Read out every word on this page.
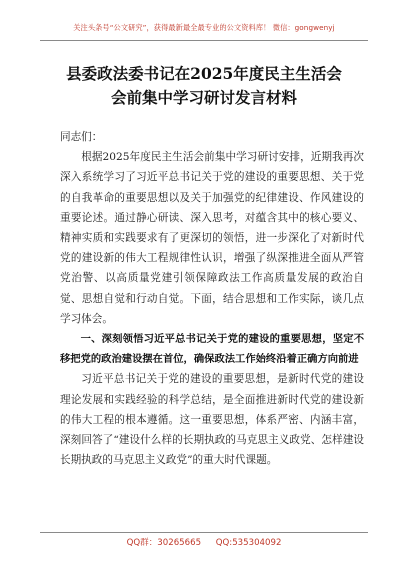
关注头条号“公文研究”，获得最新最全最专业的公文资料库！ 微信：gongwenyj
县委政法委书记在2025年度民主生活会
会前集中学习研讨发言材料

同志们：

根据2025年度民主生活会前集中学习研讨安排，近期我再次深入系统学习了习近平总书记关于党的建设的重要思想、关于党的自我革命的重要思想以及关于加强党的纪律建设、作风建设的重要论述。通过静心研读、深入思考，对蕴含其中的核心要义、精神实质和实践要求有了更深切的领悟，进一步深化了对新时代党的建设新的伟大工程规律性认识，增强了纵深推进全面从严管党治警、以高质量党建引领保障政法工作高质量发展的政治自觉、思想自觉和行动自觉。下面，结合思想和工作实际，谈几点学习体会。

一、深刻领悟习近平总书记关于党的建设的重要思想，坚定不移把党的政治建设摆在首位，确保政法工作始终沿着正确方向前进

习近平总书记关于党的建设的重要思想，是新时代党的建设理论发展和实践经验的科学总结，是全面推进新时代党的建设新的伟大工程的根本遵循。这一重要思想，体系严密、内涵丰富，深刻回答了“建设什么样的长期执政的马克思主义政党、怎样建设长期执政的马克思主义政党”的重大时代课题。

QQ群：30265665 QQ:535304092
